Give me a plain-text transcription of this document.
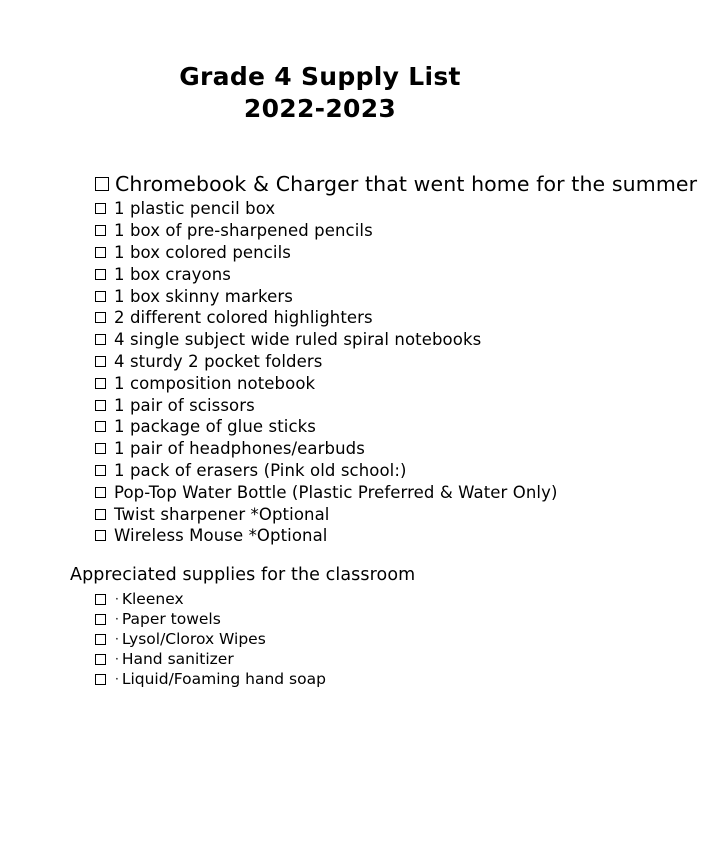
Grade 4 Supply List
2022-2023
Chromebook & Charger that went home for the summer
1 plastic pencil box
1 box of pre-sharpened pencils
1 box colored pencils
1 box crayons
1 box skinny markers
2 different colored highlighters
4 single subject wide ruled spiral notebooks
4 sturdy 2 pocket folders
1 composition notebook
1 pair of scissors
1 package of glue sticks
1 pair of headphones/earbuds
1 pack of erasers (Pink old school:)
Pop-Top Water Bottle (Plastic Preferred & Water Only)
Twist sharpener *Optional
Wireless Mouse *Optional
Appreciated supplies for the classroom
· Kleenex
· Paper towels
· Lysol/Clorox Wipes
· Hand sanitizer
· Liquid/Foaming hand soap
